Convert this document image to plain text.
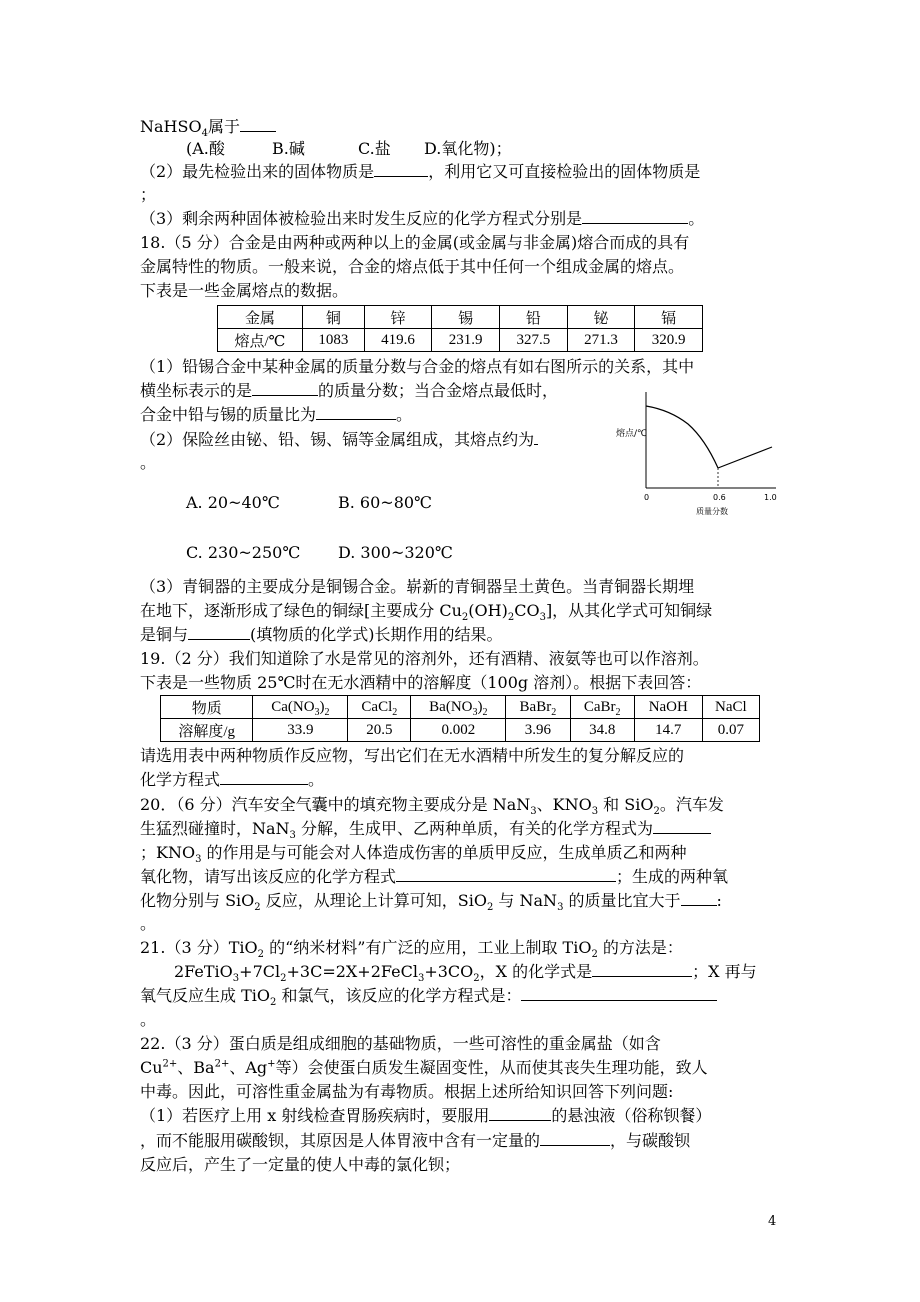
NaHSO$_4$属于
(A.酸	B.碱	C.盐 D.氧化物)；
（2）最先检验出来的固体物质是	，利用它又可直接检验出的固体物质是
；
（3）剩余两种固体被检验出来时发生反应的化学方程式分别是	。
18.（5 分）合金是由两种或两种以上的金属(或金属与非金属)熔合而成的具有
金属特性的物质。一般来说，合金的熔点低于其中任何一个组成金属的熔点。
下表是一些金属熔点的数据。
金属	铜	锌	锡	铅	铋	镉
熔点/℃	1083	419.6	231.9	327.5	271.3	320.9
（1）铅锡合金中某种金属的质量分数与合金的熔点有如右图所示的关系，其中
横坐标表示的是	的质量分数；当合金熔点最低时，
合金中铅与锡的质量比为	。
（2）保险丝由铋、铅、锡、镉等金属组成，其熔点约为
。
A. 20~40℃	B. 60~80℃
C. 230~250℃ D. 300~320℃
熔点/℃
0	0.6	1.0
质量分数
（3）青铜器的主要成分是铜锡合金。崭新的青铜器呈土黄色。当青铜器长期埋
在地下，逐渐形成了绿色的铜绿[主要成分 $Cu_2(OH)_2CO_3$]，从其化学式可知铜绿
是铜与	(填物质的化学式)长期作用的结果。
19.（2 分）我们知道除了水是常见的溶剂外，还有酒精、液氨等也可以作溶剂。
下表是一些物质 25℃时在无水酒精中的溶解度（100g 溶剂）。根据下表回答：
物质	$Ca(NO_3)_2$	CaCl$_2$	$Ba(NO_3)_2$	BaBr$_2$	CaBr$_2$	NaOH	NaCl
溶解度/g	33.9	20.5	0.002	3.96	34.8	14.7	0.07
请选用表中两种物质作反应物，写出它们在无水酒精中所发生的复分解反应的
化学方程式	。
20．（6 分）汽车安全气囊中的填充物主要成分是 NaN$_3$、$KNO_3$ 和 SiO$_2$。汽车发
生猛烈碰撞时，NaN$_3$ 分解，生成甲、乙两种单质，有关的化学方程式为
；$KNO_3$ 的作用是与可能会对人体造成伤害的单质甲反应，生成单质乙和两种
氧化物，请写出该反应的化学方程式	；生成的两种氧
化物分别与 SiO$_2$ 反应，从理论上计算可知，SiO$_2$ 与 NaN$_3$ 的质量比宜大于 :
。
21.（3 分）TiO$_2$ 的“纳米材料”有广泛的应用，工业上制取 TiO$_2$ 的方法是：
$2FeTiO_3+7Cl_2+3C=2X+2FeCl_3+3CO_2$，X 的化学式是	；X 再与
氧气反应生成 TiO$_2$ 和氯气，该反应的化学方程式是：
。
22.（3 分）蛋白质是组成细胞的基础物质，一些可溶性的重金属盐（如含
$Cu^{2+}$、$Ba^{2+}$、Ag+等）会使蛋白质发生凝固变性，从而使其丧失生理功能，致人
中毒。因此，可溶性重金属盐为有毒物质。根据上述所给知识回答下列问题:
（1）若医疗上用 x 射线检查胃肠疾病时，要服用	的悬浊液（俗称钡餐）
，而不能服用碳酸钡，其原因是人体胃液中含有一定量的	，与碳酸钡
反应后，产生了一定量的使人中毒的氯化钡；
4
